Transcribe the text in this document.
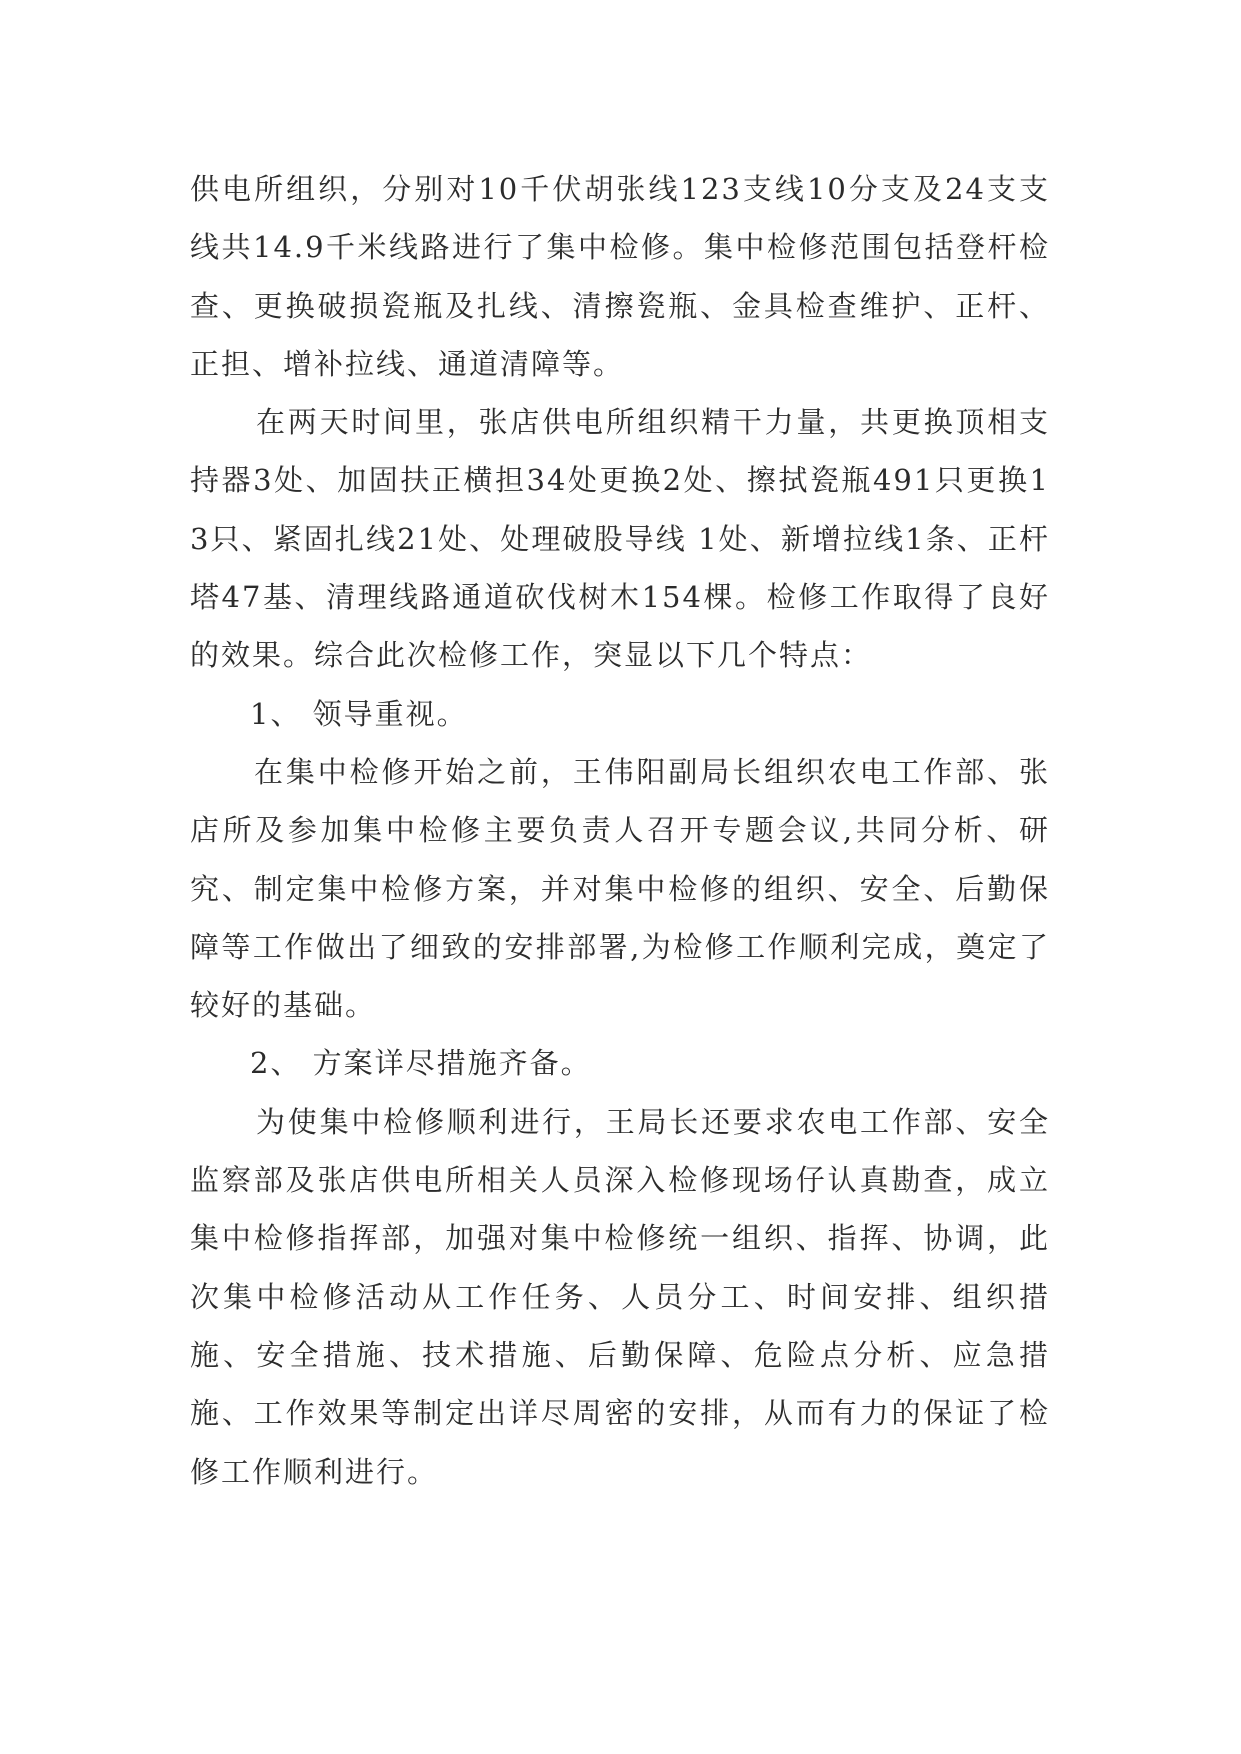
供电所组织，分别对10千伏胡张线123支线10分支及24支支线共14.9千米线路进行了集中检修。集中检修范围包括登杆检查、更换破损瓷瓶及扎线、清擦瓷瓶、金具检查维护、正杆、正担、增补拉线、通道清障等。

在两天时间里，张店供电所组织精干力量，共更换顶相支持器3处、加固扶正横担34处更换2处、擦拭瓷瓶491只更换13只、紧固扎线21处、处理破股导线 1处、新增拉线1条、正杆塔47基、清理线路通道砍伐树木154棵。检修工作取得了良好的效果。综合此次检修工作，突显以下几个特点：

1、 领导重视。

在集中检修开始之前，王伟阳副局长组织农电工作部、张店所及参加集中检修主要负责人召开专题会议,共同分析、研究、制定集中检修方案，并对集中检修的组织、安全、后勤保障等工作做出了细致的安排部署,为检修工作顺利完成，奠定了较好的基础。

2、 方案详尽措施齐备。

为使集中检修顺利进行，王局长还要求农电工作部、安全监察部及张店供电所相关人员深入检修现场仔认真勘查，成立集中检修指挥部，加强对集中检修统一组织、指挥、协调，此次集中检修活动从工作任务、人员分工、时间安排、组织措施、安全措施、技术措施、后勤保障、危险点分析、应急措施、工作效果等制定出详尽周密的安排，从而有力的保证了检修工作顺利进行。
